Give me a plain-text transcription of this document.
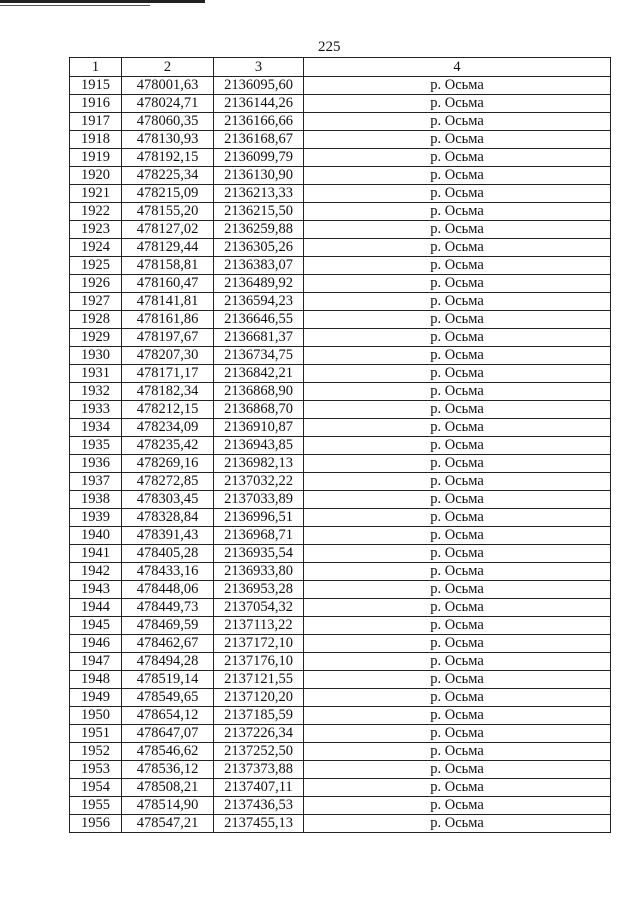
225
1	2	3	4
1915	478001,63	2136095,60	р. Осьма
1916	478024,71	2136144,26	р. Осьма
1917	478060,35	2136166,66	р. Осьма
1918	478130,93	2136168,67	р. Осьма
1919	478192,15	2136099,79	р. Осьма
1920	478225,34	2136130,90	р. Осьма
1921	478215,09	2136213,33	р. Осьма
1922	478155,20	2136215,50	р. Осьма
1923	478127,02	2136259,88	р. Осьма
1924	478129,44	2136305,26	р. Осьма
1925	478158,81	2136383,07	р. Осьма
1926	478160,47	2136489,92	р. Осьма
1927	478141,81	2136594,23	р. Осьма
1928	478161,86	2136646,55	р. Осьма
1929	478197,67	2136681,37	р. Осьма
1930	478207,30	2136734,75	р. Осьма
1931	478171,17	2136842,21	р. Осьма
1932	478182,34	2136868,90	р. Осьма
1933	478212,15	2136868,70	р. Осьма
1934	478234,09	2136910,87	р. Осьма
1935	478235,42	2136943,85	р. Осьма
1936	478269,16	2136982,13	р. Осьма
1937	478272,85	2137032,22	р. Осьма
1938	478303,45	2137033,89	р. Осьма
1939	478328,84	2136996,51	р. Осьма
1940	478391,43	2136968,71	р. Осьма
1941	478405,28	2136935,54	р. Осьма
1942	478433,16	2136933,80	р. Осьма
1943	478448,06	2136953,28	р. Осьма
1944	478449,73	2137054,32	р. Осьма
1945	478469,59	2137113,22	р. Осьма
1946	478462,67	2137172,10	р. Осьма
1947	478494,28	2137176,10	р. Осьма
1948	478519,14	2137121,55	р. Осьма
1949	478549,65	2137120,20	р. Осьма
1950	478654,12	2137185,59	р. Осьма
1951	478647,07	2137226,34	р. Осьма
1952	478546,62	2137252,50	р. Осьма
1953	478536,12	2137373,88	р. Осьма
1954	478508,21	2137407,11	р. Осьма
1955	478514,90	2137436,53	р. Осьма
1956	478547,21	2137455,13	р. Осьма
